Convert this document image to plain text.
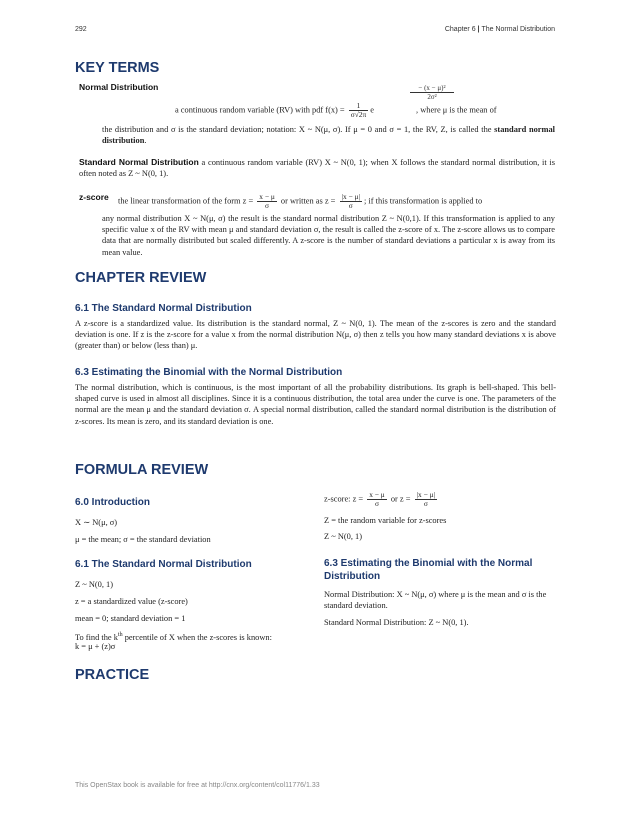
292	Chapter 6 | The Normal Distribution
KEY TERMS
Normal Distribution	$\frac{\text{− (x − μ)²}}{\text{2σ²}}$
a continuous random variable (RV) with pdf $f(x) = \frac{1}{\sigma√2\pi}$ e	, where μ is the mean of
the distribution and σ is the standard deviation; notation: X ~ N(μ, σ). If μ = 0 and σ = 1, the RV, Z, is called the standard normal distribution.
Standard Normal Distribution a continuous random variable (RV) X ~ N(0, 1); when X follows the standard normal distribution, it is often noted as Z ~ N(0, 1).
z-score the linear transformation of the form $z = \frac{x - \mu}{\sigma}$ or written as $z = \frac{|x - \mu|}{\sigma}$ ; if this transformation is applied to
any normal distribution X ~ N(μ, σ) the result is the standard normal distribution Z ~ N(0,1). If this transformation is applied to any specific value x of the RV with mean μ and standard deviation σ, the result is called the z-score of x. The z-score allows us to compare data that are normally distributed but scaled differently. A z-score is the number of standard deviations a particular x is away from its mean value.
CHAPTER REVIEW
6.1 The Standard Normal Distribution
A z-score is a standardized value. Its distribution is the standard normal, Z ~ N(0, 1). The mean of the z-scores is zero and the standard deviation is one. If z is the z-score for a value x from the normal distribution N(μ, σ) then z tells you how many standard deviations x is above (greater than) or below (less than) μ.
6.3 Estimating the Binomial with the Normal Distribution
The normal distribution, which is continuous, is the most important of all the probability distributions. Its graph is bell-shaped. This bell-shaped curve is used in almost all disciplines. Since it is a continuous distribution, the total area under the curve is one. The parameters of the normal are the mean μ and the standard deviation σ. A special normal distribution, called the standard normal distribution is the distribution of z-scores. Its mean is zero, and its standard deviation is one.
FORMULA REVIEW
6.0 Introduction
X ∼ N(μ, σ)
μ = the mean; σ = the standard deviation
6.1 The Standard Normal Distribution
Z ~ N(0, 1)
z = a standardized value (z-score)
mean = 0; standard deviation = 1
To find the $k^{th}$ percentile of X when the z-scores is known:
k = μ + (z)σ
z-score: $z = \frac{x - \mu}{\sigma}$ or $z = \frac{|x - \mu|}{\sigma}$
Z = the random variable for z-scores
Z ~ N(0, 1)
6.3 Estimating the Binomial with the Normal Distribution
Normal Distribution: X ~ N(μ, σ) where μ is the mean and σ is the standard deviation.
Standard Normal Distribution: Z ~ N(0, 1).
PRACTICE
This OpenStax book is available for free at http://cnx.org/content/col11776/1.33
